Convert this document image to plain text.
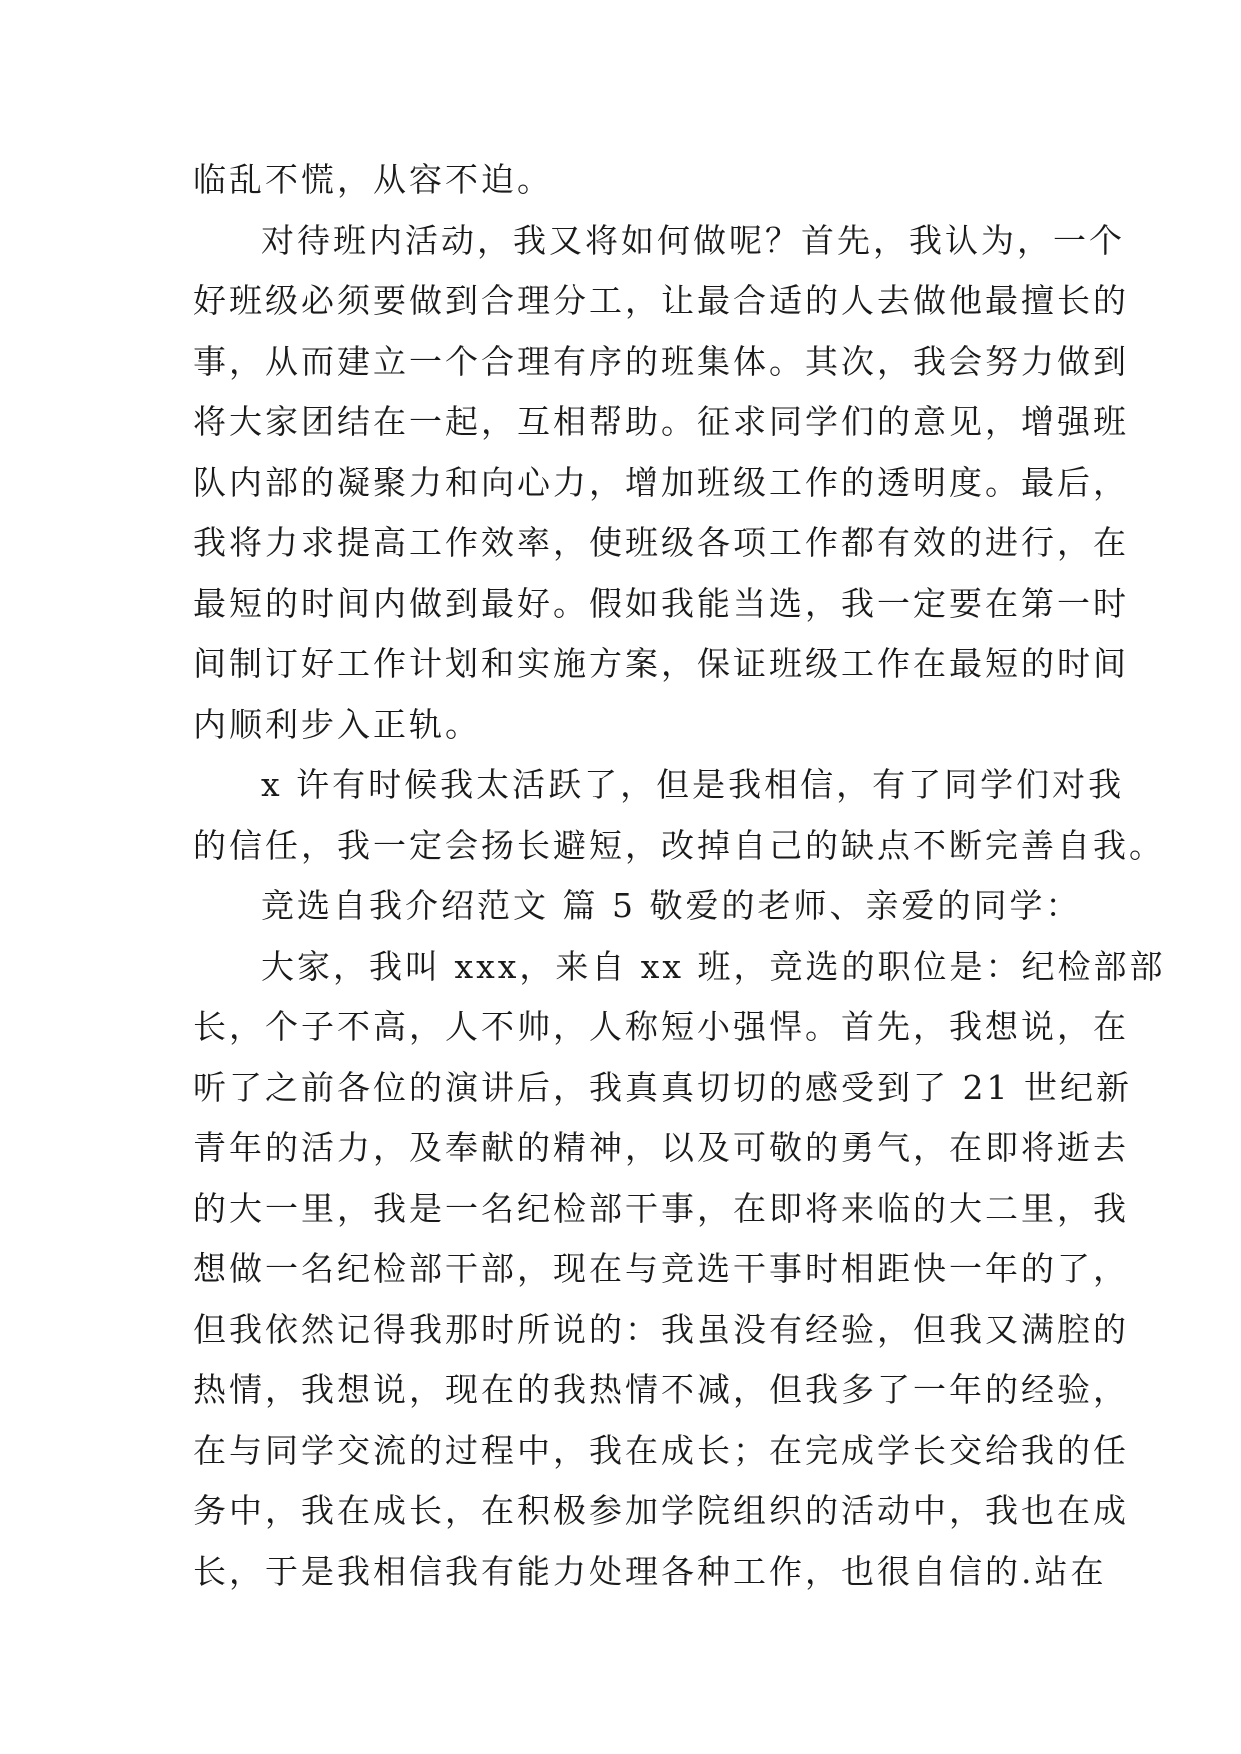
临乱不慌，从容不迫。
对待班内活动，我又将如何做呢？首先，我认为，一个
好班级必须要做到合理分工，让最合适的人去做他最擅长的
事，从而建立一个合理有序的班集体。其次，我会努力做到
将大家团结在一起，互相帮助。征求同学们的意见，增强班
队内部的凝聚力和向心力，增加班级工作的透明度。最后，
我将力求提高工作效率，使班级各项工作都有效的进行，在
最短的时间内做到最好。假如我能当选，我一定要在第一时
间制订好工作计划和实施方案，保证班级工作在最短的时间
内顺利步入正轨。
x 许有时候我太活跃了，但是我相信，有了同学们对我
的信任，我一定会扬长避短，改掉自己的缺点不断完善自我。
竞选自我介绍范文 篇 5 敬爱的老师、亲爱的同学：
大家，我叫 xxx，来自 xx 班，竞选的职位是：纪检部部
长，个子不高，人不帅，人称短小强悍。首先，我想说，在
听了之前各位的演讲后，我真真切切的感受到了 21 世纪新
青年的活力，及奉献的精神，以及可敬的勇气，在即将逝去
的大一里，我是一名纪检部干事，在即将来临的大二里，我
想做一名纪检部干部，现在与竞选干事时相距快一年的了，
但我依然记得我那时所说的：我虽没有经验，但我又满腔的
热情，我想说，现在的我热情不减，但我多了一年的经验，
在与同学交流的过程中，我在成长；在完成学长交给我的任
务中，我在成长，在积极参加学院组织的活动中，我也在成
长，于是我相信我有能力处理各种工作，也很自信的.站在
